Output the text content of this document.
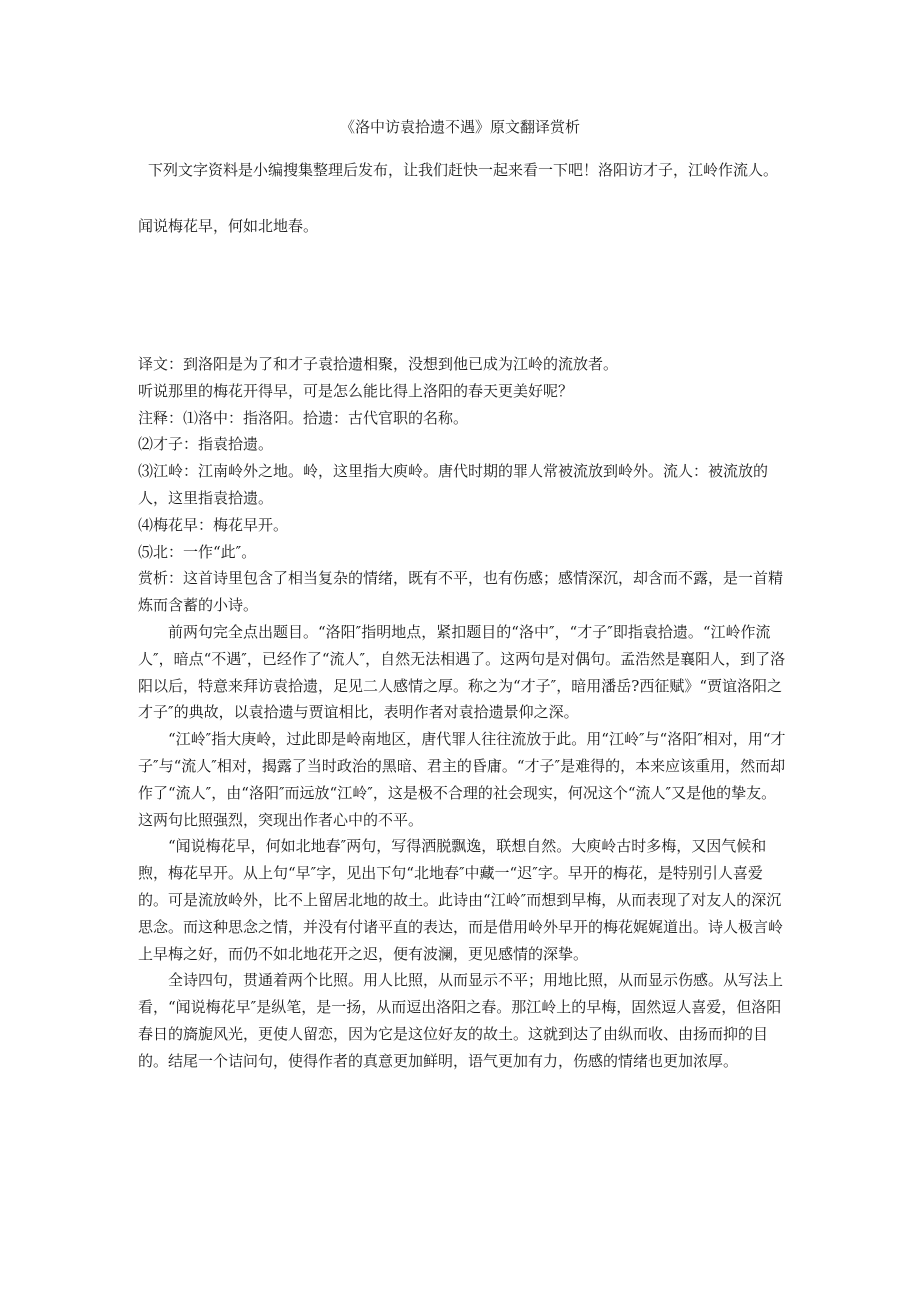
《洛中访袁拾遗不遇》原文翻译赏析
下列文字资料是小编搜集整理后发布，让我们赶快一起来看一下吧！洛阳访才子，江岭作流人。
闻说梅花早，何如北地春。

译文：到洛阳是为了和才子袁拾遗相聚，没想到他已成为江岭的流放者。

听说那里的梅花开得早，可是怎么能比得上洛阳的春天更美好呢？

注释：⑴洛中：指洛阳。拾遗：古代官职的名称。

⑵才子：指袁拾遗。

⑶江岭：江南岭外之地。岭，这里指大庾岭。唐代时期的罪人常被流放到岭外。流人：被流放的人，这里指袁拾遗。

⑷梅花早：梅花早开。

⑸北：一作“此″。

赏析：这首诗里包含了相当复杂的情绪，既有不平，也有伤感；感情深沉，却含而不露，是一首精炼而含蓄的小诗。

前两句完全点出题目。“洛阳″指明地点，紧扣题目的“洛中″，“才子″即指袁拾遗。“江岭作流人″，暗点“不遇″，已经作了“流人″，自然无法相遇了。这两句是对偶句。孟浩然是襄阳人，到了洛阳以后，特意来拜访袁拾遗，足见二人感情之厚。称之为“才子″，暗用潘岳?西征赋》“贾谊洛阳之才子″的典故，以袁拾遗与贾谊相比，表明作者对袁拾遗景仰之深。

“江岭″指大庚岭，过此即是岭南地区，唐代罪人往往流放于此。用“江岭″与“洛阳″相对，用“才子″与“流人″相对，揭露了当时政治的黑暗、君主的昏庸。“才子″是难得的，本来应该重用，然而却作了“流人″，由“洛阳″而远放“江岭″，这是极不合理的社会现实，何况这个“流人″又是他的挚友。这两句比照强烈，突现出作者心中的不平。

“闻说梅花早，何如北地春″两句，写得洒脱飘逸，联想自然。大庾岭古时多梅，又因气候和煦，梅花早开。从上句“早″字，见出下句“北地春″中藏一“迟″字。早开的梅花，是特别引人喜爱的。可是流放岭外，比不上留居北地的故土。此诗由“江岭″而想到早梅，从而表现了对友人的深沉思念。而这种思念之情，并没有付诸平直的表达，而是借用岭外早开的梅花娓娓道出。诗人极言岭上早梅之好，而仍不如北地花开之迟，便有波澜，更见感情的深挚。

全诗四句，贯通着两个比照。用人比照，从而显示不平；用地比照，从而显示伤感。从写法上看，“闻说梅花早″是纵笔，是一扬，从而逗出洛阳之春。那江岭上的早梅，固然逗人喜爱，但洛阳春日的旖旎风光，更使人留恋，因为它是这位好友的故土。这就到达了由纵而收、由扬而抑的目的。结尾一个诘问句，使得作者的真意更加鲜明，语气更加有力，伤感的情绪也更加浓厚。
